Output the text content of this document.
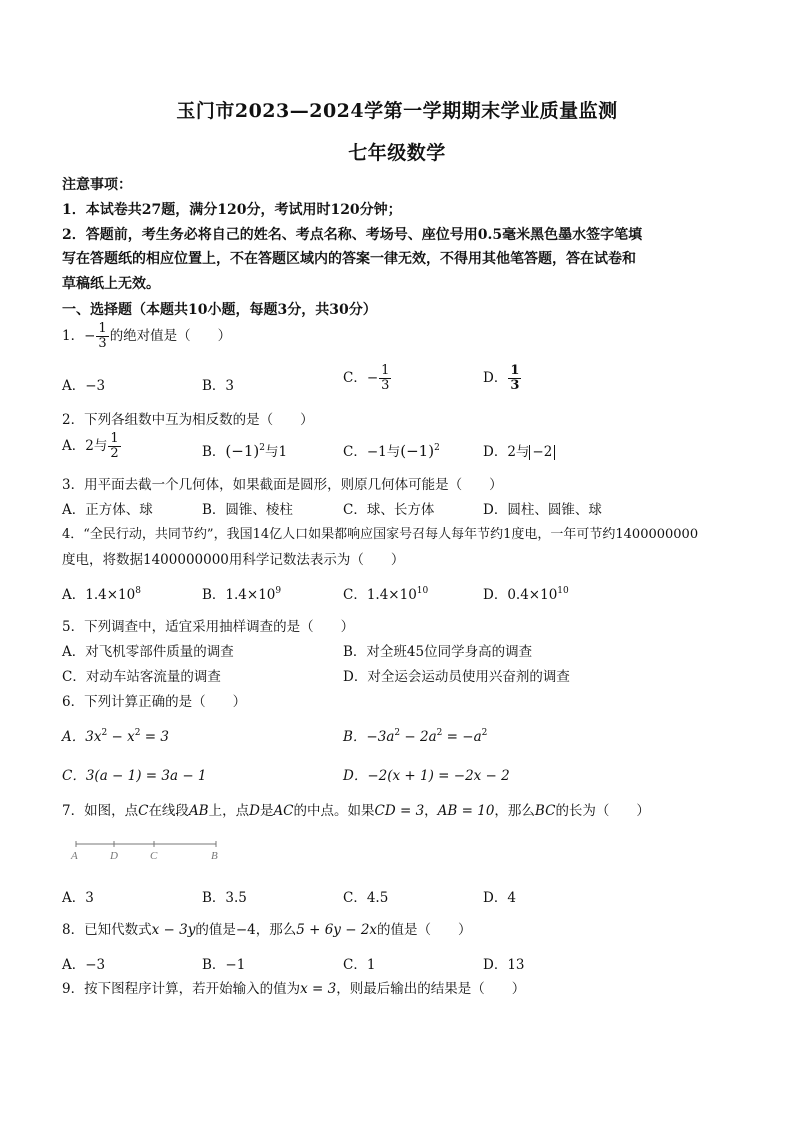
玉门市2023—2024学第一学期期末学业质量监测
七年级数学
注意事项：
1．本试卷共27题，满分120分，考试用时120分钟；
2．答题前，考生务必将自己的姓名、考点名称、考场号、座位号用0.5毫米黑色墨水签字笔填
写在答题纸的相应位置上，不在答题区域内的答案一律无效，不得用其他笔答题，答在试卷和
草稿纸上无效。
一、选择题（本题共10小题，每题3分，共30分）
1．− $\frac{1}{3}$ 的绝对值是（　　）
A．−3	B．3	C．− $\frac{1}{3}$	D． $\frac{1}{3}$
2．下列各组数中互为相反数的是（　　）
A．2与 $\frac{1}{2}$	B．$(-1)^2$与1	C．−1与$(-1)^2$	D．2与 −2
3．用平面去截一个几何体，如果截面是圆形，则原几何体可能是（　　）
A．正方体、球	B．圆锥、棱柱	C．球、长方体	D．圆柱、圆锥、球
4．“全民行动，共同节约”，我国14亿人口如果都响应国家号召每人每年节约1度电，一年可节约1400000000
度电，将数据1400000000用科学记数法表示为（　　）
A．$1.4\times 10^8$	B．$1.4\times 10^9$	C．$1.4\times 10^{10}$	D．$0.4\times 10^{10}$
5．下列调查中，适宜采用抽样调查的是（　　）
A．对飞机零部件质量的调查	B．对全班45位同学身高的调查
C．对动车站客流量的调查	D．对全运会运动员使用兴奋剂的调查
6．下列计算正确的是（　　）
A．$3x^2 - x^2 = 3$	B．$-3a^2 - 2a^2 = -a^2$
C．3(a − 1) = 3a − 1	D．−2(x + 1) = −2x − 2
7．如图，点C在线段AB上，点D是AC的中点。如果CD = 3，AB = 10，那么BC的长为（　　）
A	D	C	B
A．3	B．3.5	C．4.5	D．4
8．已知代数式x − 3y的值是−4，那么5 + 6y − 2x的值是（　　）
A．−3	B．−1	C．1	D．13
9．按下图程序计算，若开始输入的值为x = 3，则最后输出的结果是（　　）
